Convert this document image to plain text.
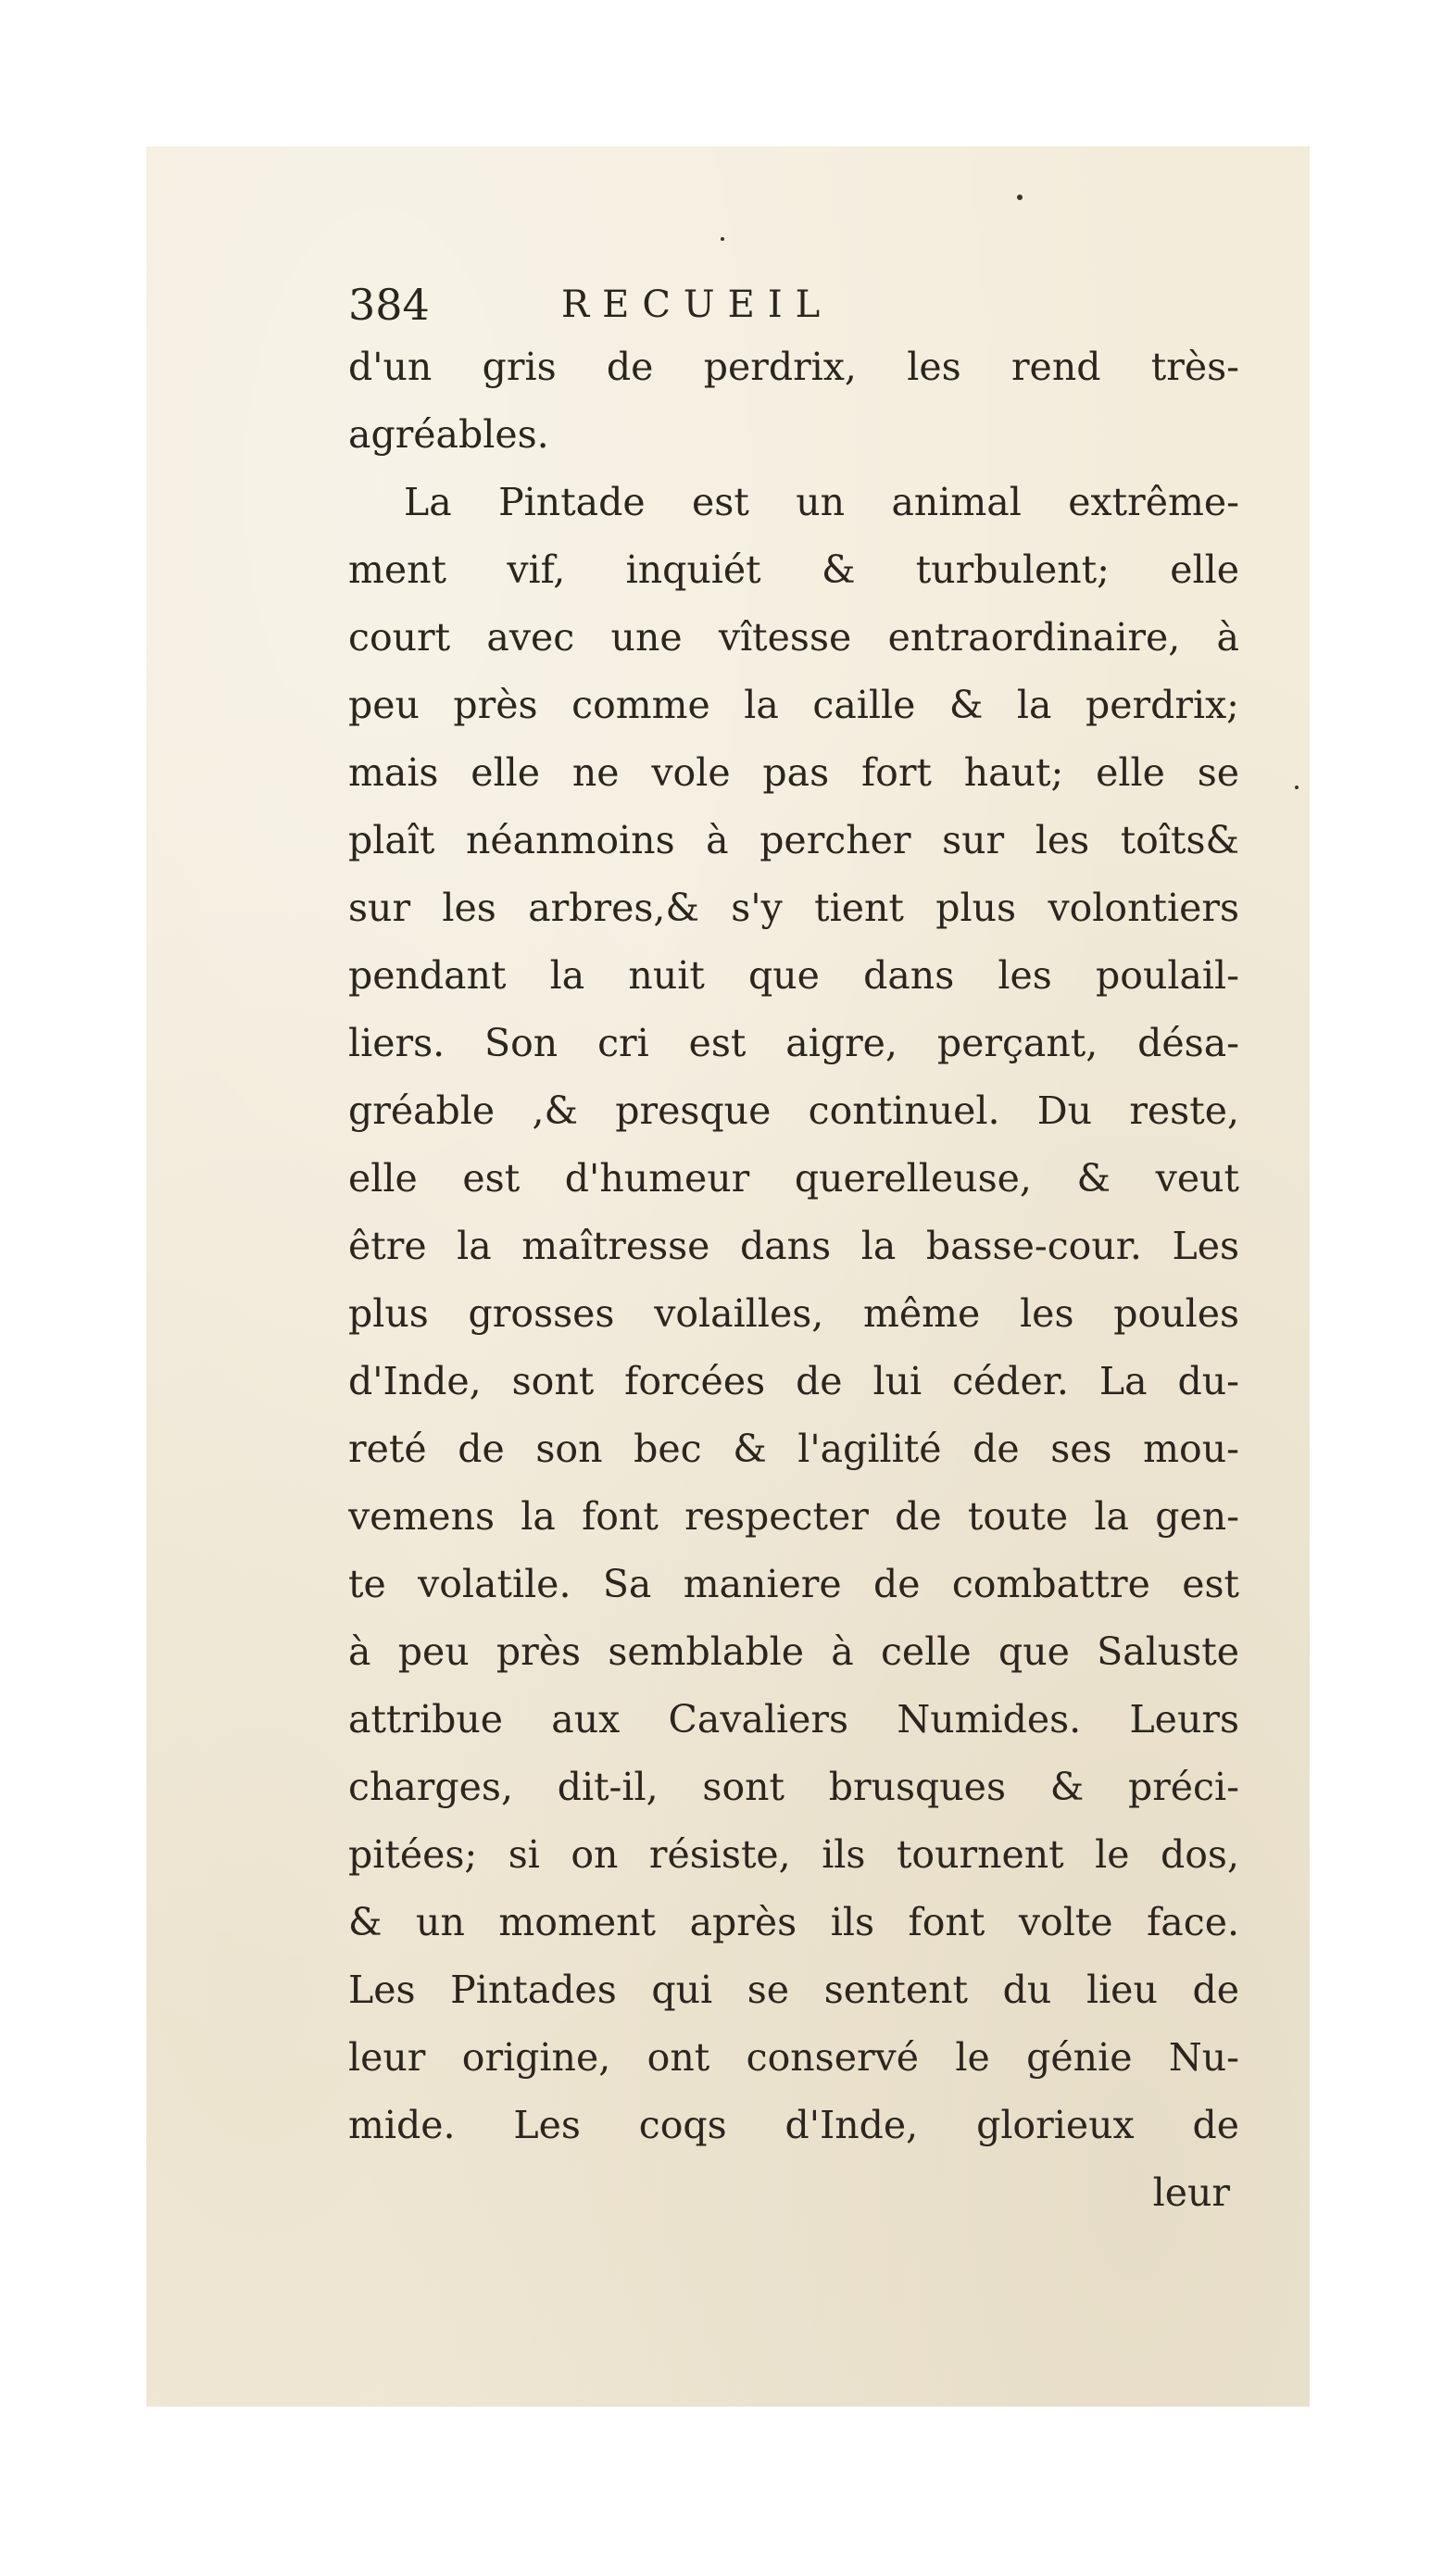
384	RECUEIL
d'un gris de perdrix, les rend très-
agréables.
La Pintade est un animal extrême-
ment vif, inquiét & turbulent; elle
court avec une vîtesse entraordinaire, à
peu près comme la caille & la perdrix;
mais elle ne vole pas fort haut; elle se
plaît néanmoins à percher sur les toîts&
sur les arbres,& s'y tient plus volontiers
pendant la nuit que dans les poulail-
liers. Son cri est aigre, perçant, désa-
gréable ,& presque continuel. Du reste,
elle est d'humeur querelleuse, & veut
être la maîtresse dans la basse-cour. Les
plus grosses volailles, même les poules
d'Inde, sont forcées de lui céder. La du-
reté de son bec & l'agilité de ses mou-
vemens la font respecter de toute la gen-
te volatile. Sa maniere de combattre est
à peu près semblable à celle que Saluste
attribue aux Cavaliers Numides. Leurs
charges, dit-il, sont brusques & préci-
pitées; si on résiste, ils tournent le dos,
& un moment après ils font volte face.
Les Pintades qui se sentent du lieu de
leur origine, ont conservé le génie Nu-
mide. Les coqs d'Inde, glorieux de
leur
